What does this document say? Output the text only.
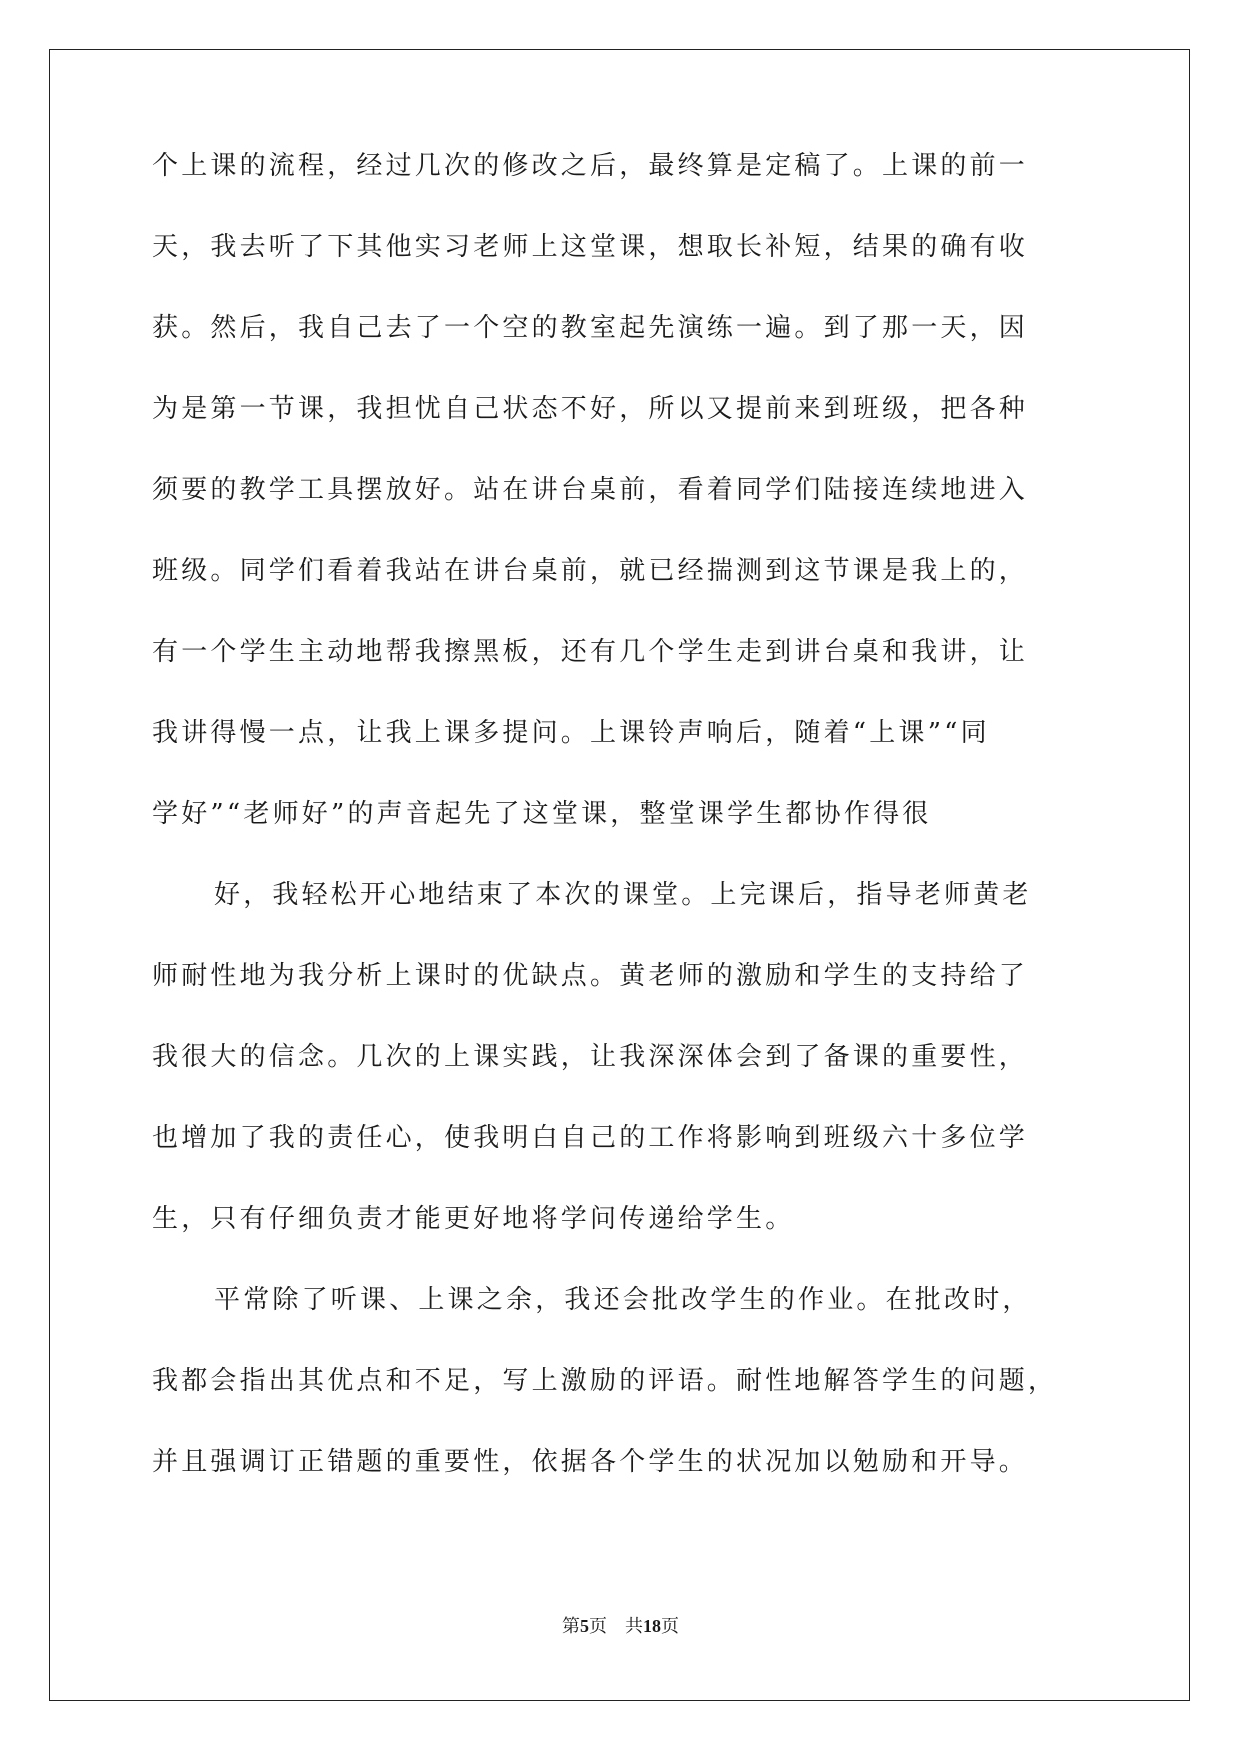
个上课的流程，经过几次的修改之后，最终算是定稿了。上课的前一
天，我去听了下其他实习老师上这堂课，想取长补短，结果的确有收
获。然后，我自己去了一个空的教室起先演练一遍。到了那一天，因
为是第一节课，我担忧自己状态不好，所以又提前来到班级，把各种
须要的教学工具摆放好。站在讲台桌前，看着同学们陆接连续地进入
班级。同学们看着我站在讲台桌前，就已经揣测到这节课是我上的，
有一个学生主动地帮我擦黑板，还有几个学生走到讲台桌和我讲，让
我讲得慢一点，让我上课多提问。上课铃声响后，随着“上课”“同
学好”“老师好”的声音起先了这堂课，整堂课学生都协作得很
好，我轻松开心地结束了本次的课堂。上完课后，指导老师黄老
师耐性地为我分析上课时的优缺点。黄老师的激励和学生的支持给了
我很大的信念。几次的上课实践，让我深深体会到了备课的重要性，
也增加了我的责任心，使我明白自己的工作将影响到班级六十多位学
生，只有仔细负责才能更好地将学问传递给学生。
平常除了听课、上课之余，我还会批改学生的作业。在批改时，
我都会指出其优点和不足，写上激励的评语。耐性地解答学生的问题，
并且强调订正错题的重要性，依据各个学生的状况加以勉励和开导。
第5页　共18页
